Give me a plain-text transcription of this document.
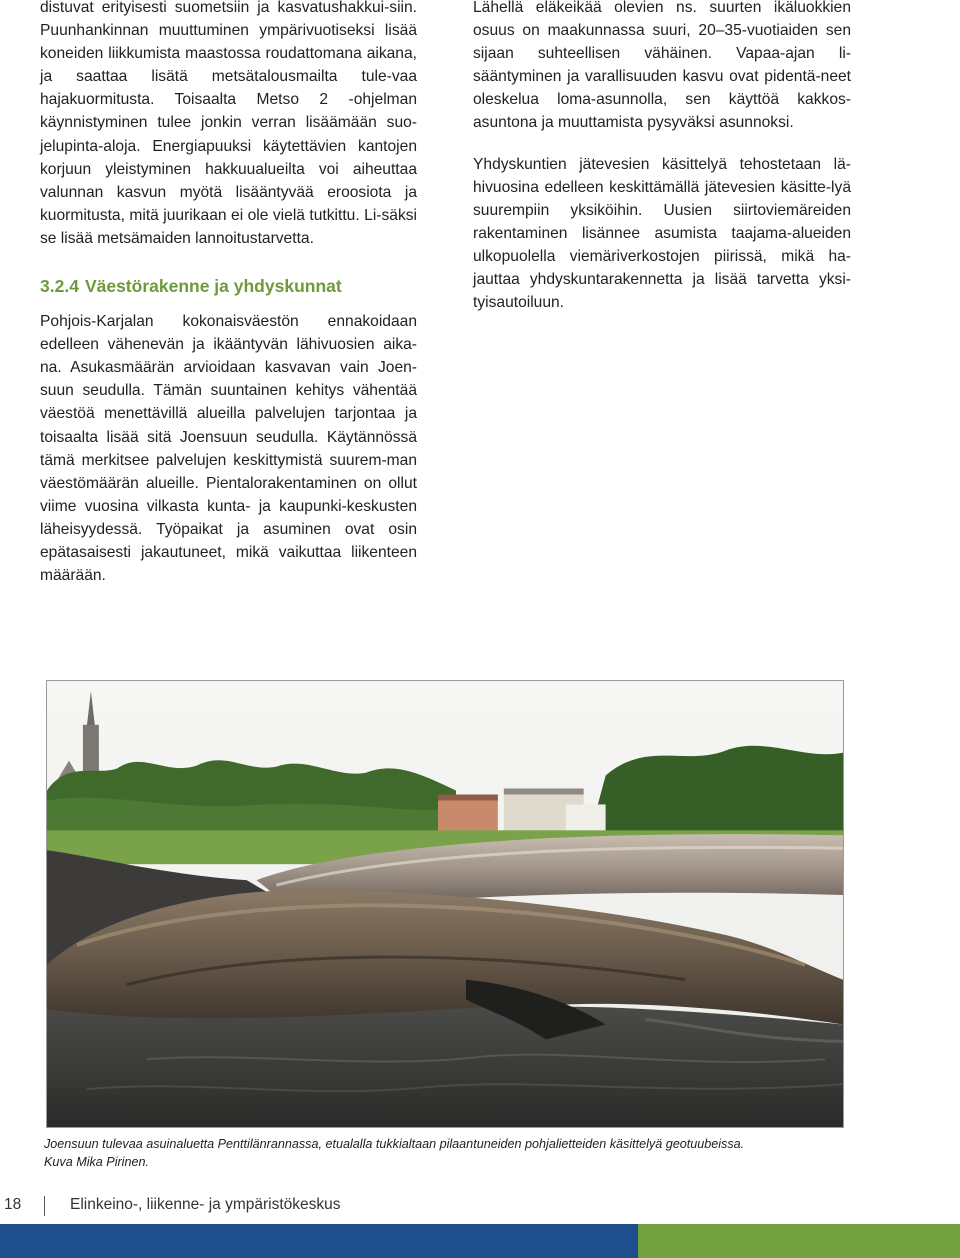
distuvat erityisesti suometsiin ja kasvatushakkui-siin. Puunhankinnan muuttuminen ympärivuotiseksi lisää koneiden liikkumista maastossa roudattomana aikana, ja saattaa lisätä metsätalousmailta tule-vaa hajakuormitusta. Toisaalta Metso 2 -ohjelman käynnistyminen tulee jonkin verran lisäämään suo-jelupinta-aloja. Energiapuuksi käytettävien kantojen korjuun yleistyminen hakkuualueilta voi aiheuttaa valunnan kasvun myötä lisääntyvää eroosiota ja kuormitusta, mitä juurikaan ei ole vielä tutkittu. Li-säksi se lisää metsämaiden lannoitustarvetta.

3.2.4 Väestörakenne ja yhdyskunnat

Pohjois-Karjalan kokonaisväestön ennakoidaan edelleen vähenevän ja ikääntyvän lähivuosien aika-na. Asukasmäärän arvioidaan kasvavan vain Joen-suun seudulla. Tämän suuntainen kehitys vähentää väestöä menettävillä alueilla palvelujen tarjontaa ja toisaalta lisää sitä Joensuun seudulla. Käytännössä tämä merkitsee palvelujen keskittymistä suurem-man väestömäärän alueille. Pientalorakentaminen on ollut viime vuosina vilkasta kunta- ja kaupunki-keskusten läheisyydessä. Työpaikat ja asuminen ovat osin epätasaisesti jakautuneet, mikä vaikuttaa liikenteen määrään.

Lähellä eläkeikää olevien ns. suurten ikäluokkien osuus on maakunnassa suuri, 20–35-vuotiaiden sen sijaan suhteellisen vähäinen. Vapaa-ajan li-sääntyminen ja varallisuuden kasvu ovat pidentä-neet oleskelua loma-asunnolla, sen käyttöä kakkos-asuntona ja muuttamista pysyväksi asunnoksi.

Yhdyskuntien jätevesien käsittelyä tehostetaan lä-hivuosina edelleen keskittämällä jätevesien käsitte-lyä suurempiin yksiköihin. Uusien siirtoviemäreiden rakentaminen lisännee asumista taajama-alueiden ulkopuolella viemäriverkostojen piirissä, mikä ha-jauttaa yhdyskuntarakennetta ja lisää tarvetta yksi-tyisautoiluun.

Joensuun tulevaa asuinaluetta Penttilänrannassa, etualalla tukkialtaan pilaantuneiden pohjalietteiden käsittelyä geotuubeissa.
Kuva Mika Pirinen.
18	Elinkeino-, liikenne- ja ympäristökeskus
